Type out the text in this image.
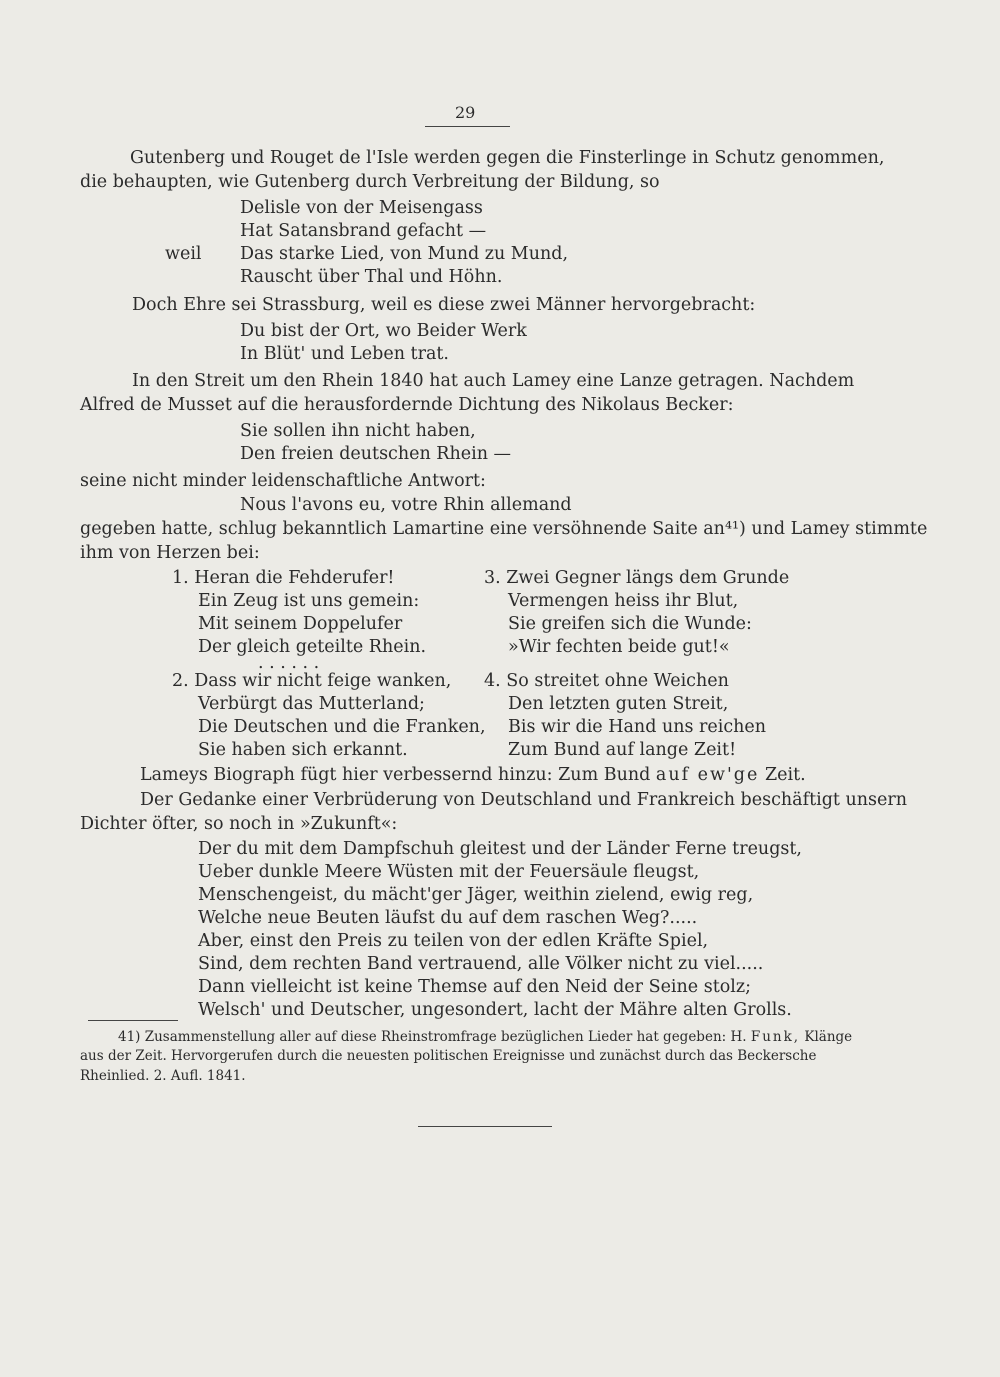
29
Gutenberg und Rouget de l'Isle werden gegen die Finsterlinge in Schutz genommen,
die behaupten, wie Gutenberg durch Verbreitung der Bildung, so
Delisle von der Meisengass
Hat Satansbrand gefacht —
weil Das starke Lied, von Mund zu Mund,
Rauscht über Thal und Höhn.
Doch Ehre sei Strassburg, weil es diese zwei Männer hervorgebracht:
Du bist der Ort, wo Beider Werk
In Blüt' und Leben trat.
In den Streit um den Rhein 1840 hat auch Lamey eine Lanze getragen. Nachdem
Alfred de Musset auf die herausfordernde Dichtung des Nikolaus Becker:
Sie sollen ihn nicht haben,
Den freien deutschen Rhein —
seine nicht minder leidenschaftliche Antwort:
Nous l'avons eu, votre Rhin allemand
gegeben hatte, schlug bekanntlich Lamartine eine versöhnende Saite an⁴¹) und Lamey stimmte
ihm von Herzen bei:
1. Heran die Fehderufer!
Ein Zeug ist uns gemein:
Mit seinem Doppelufer
Der gleich geteilte Rhein.
. . . . . .
2. Dass wir nicht feige wanken,
Verbürgt das Mutterland;
Die Deutschen und die Franken,
Sie haben sich erkannt.
3. Zwei Gegner längs dem Grunde
Vermengen heiss ihr Blut,
Sie greifen sich die Wunde:
»Wir fechten beide gut!«
4. So streitet ohne Weichen
Den letzten guten Streit,
Bis wir die Hand uns reichen
Zum Bund auf lange Zeit!
Lameys Biograph fügt hier verbessernd hinzu: Zum Bund auf ew'ge Zeit.
Der Gedanke einer Verbrüderung von Deutschland und Frankreich beschäftigt unsern
Dichter öfter, so noch in »Zukunft«:
Der du mit dem Dampfschuh gleitest und der Länder Ferne treugst,
Ueber dunkle Meere Wüsten mit der Feuersäule fleugst,
Menschengeist, du mächt'ger Jäger, weithin zielend, ewig reg,
Welche neue Beuten läufst du auf dem raschen Weg?.....
Aber, einst den Preis zu teilen von der edlen Kräfte Spiel,
Sind, dem rechten Band vertrauend, alle Völker nicht zu viel.....
Dann vielleicht ist keine Themse auf den Neid der Seine stolz;
Welsch' und Deutscher, ungesondert, lacht der Mähre alten Grolls.
41) Zusammenstellung aller auf diese Rheinstromfrage bezüglichen Lieder hat gegeben: H. Funk, Klänge
aus der Zeit. Hervorgerufen durch die neuesten politischen Ereignisse und zunächst durch das Beckersche
Rheinlied. 2. Aufl. 1841.
